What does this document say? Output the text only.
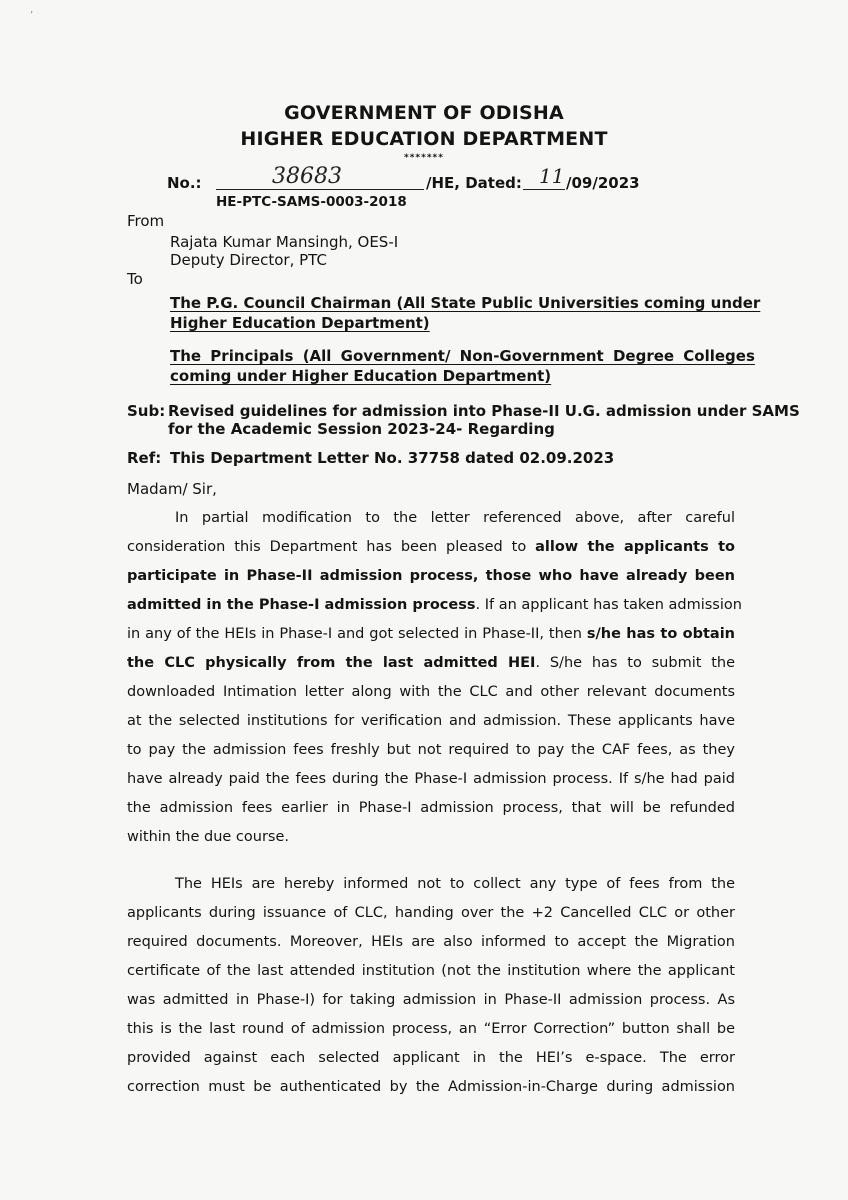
’
GOVERNMENT OF ODISHA
HIGHER EDUCATION DEPARTMENT
*******
No.:	38683	/HE, Dated: 11 /09/2023
HE-PTC-SAMS-0003-2018
From
Rajata Kumar Mansingh, OES-I
Deputy Director, PTC
To
The P.G. Council Chairman (All State Public Universities coming under
Higher Education Department)
The Principals (All Government/ Non-Government Degree Colleges
coming under Higher Education Department)
Sub: Revised guidelines for admission into Phase-II U.G. admission under SAMS
for the Academic Session 2023-24- Regarding
Ref: This Department Letter No. 37758 dated 02.09.2023
Madam/ Sir,
In partial modification to the letter referenced above, after careful
consideration this Department has been pleased to allow the applicants to
participate in Phase-II admission process, those who have already been
admitted in the Phase-I admission process. If an applicant has taken admission
in any of the HEIs in Phase-I and got selected in Phase-II, then s/he has to obtain
the CLC physically from the last admitted HEI. S/he has to submit the
downloaded Intimation letter along with the CLC and other relevant documents
at the selected institutions for verification and admission. These applicants have
to pay the admission fees freshly but not required to pay the CAF fees, as they
have already paid the fees during the Phase-I admission process. If s/he had paid
the admission fees earlier in Phase-I admission process, that will be refunded
within the due course.
The HEIs are hereby informed not to collect any type of fees from the
applicants during issuance of CLC, handing over the +2 Cancelled CLC or other
required documents. Moreover, HEIs are also informed to accept the Migration
certificate of the last attended institution (not the institution where the applicant
was admitted in Phase-I) for taking admission in Phase-II admission process. As
this is the last round of admission process, an “Error Correction” button shall be
provided against each selected applicant in the HEI’s e-space. The error
correction must be authenticated by the Admission-in-Charge during admission
